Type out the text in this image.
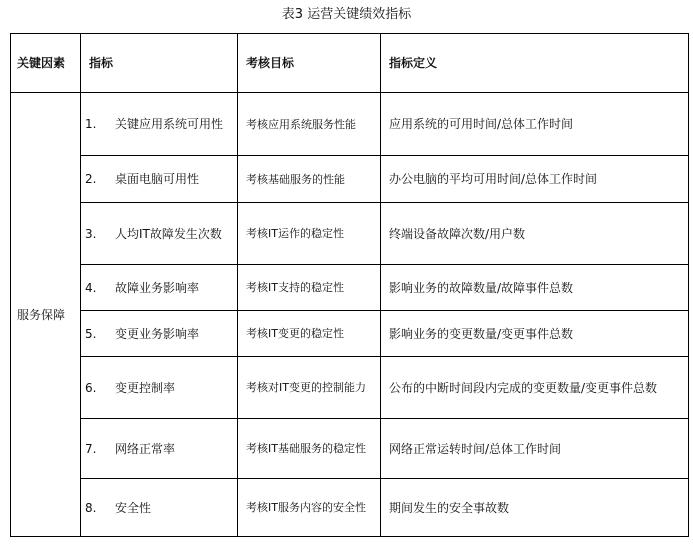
表3 运营关键绩效指标
关键因素	指标	考核目标	指标定义
服务保障	1. 关键应用系统可用性	考核应用系统服务性能	应用系统的可用时间/总体工作时间

	2. 桌面电脑可用性	考核基础服务的性能	办公电脑的平均可用时间/总体工作时间

	3. 人均IT故障发生次数	考核IT运作的稳定性	终端设备故障次数/用户数

	4. 故障业务影响率	考核IT支持的稳定性	影响业务的故障数量/故障事件总数

	5. 变更业务影响率	考核IT变更的稳定性	影响业务的变更数量/变更事件总数

	6. 变更控制率	考核对IT变更的控制能力	公布的中断时间段内完成的变更数量/变更事件总数

	7. 网络正常率	考核IT基础服务的稳定性	网络正常运转时间/总体工作时间

	8. 安全性	考核IT服务内容的安全性	期间发生的安全事故数
